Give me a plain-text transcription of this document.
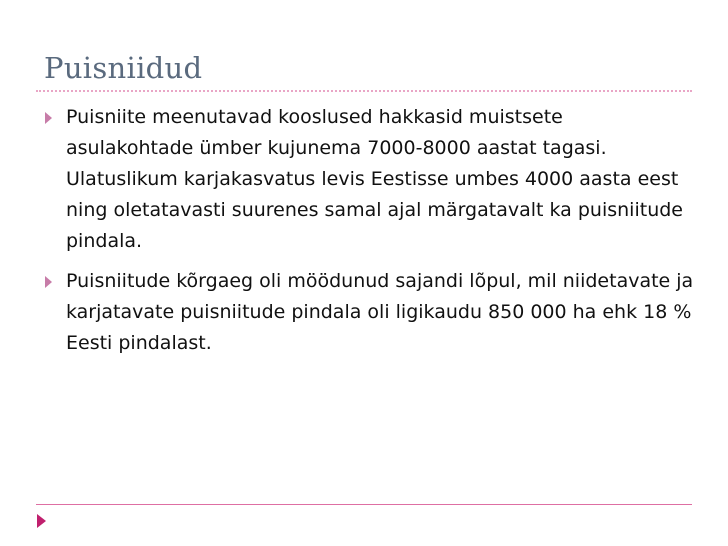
Puisniidud
Puisniite meenutavad kooslused hakkasid muistsete asulakohtade ümber kujunema 7000-8000 aastat tagasi. Ulatuslikum karjakasvatus levis Eestisse umbes 4000 aasta eest ning oletatavasti suurenes samal ajal märgatavalt ka puisniitude pindala.
Puisniitude kõrgaeg oli möödunud sajandi lõpul, mil niidetavate ja karjatavate puisniitude pindala oli ligikaudu 850 000 ha ehk 18 % Eesti pindalast.
